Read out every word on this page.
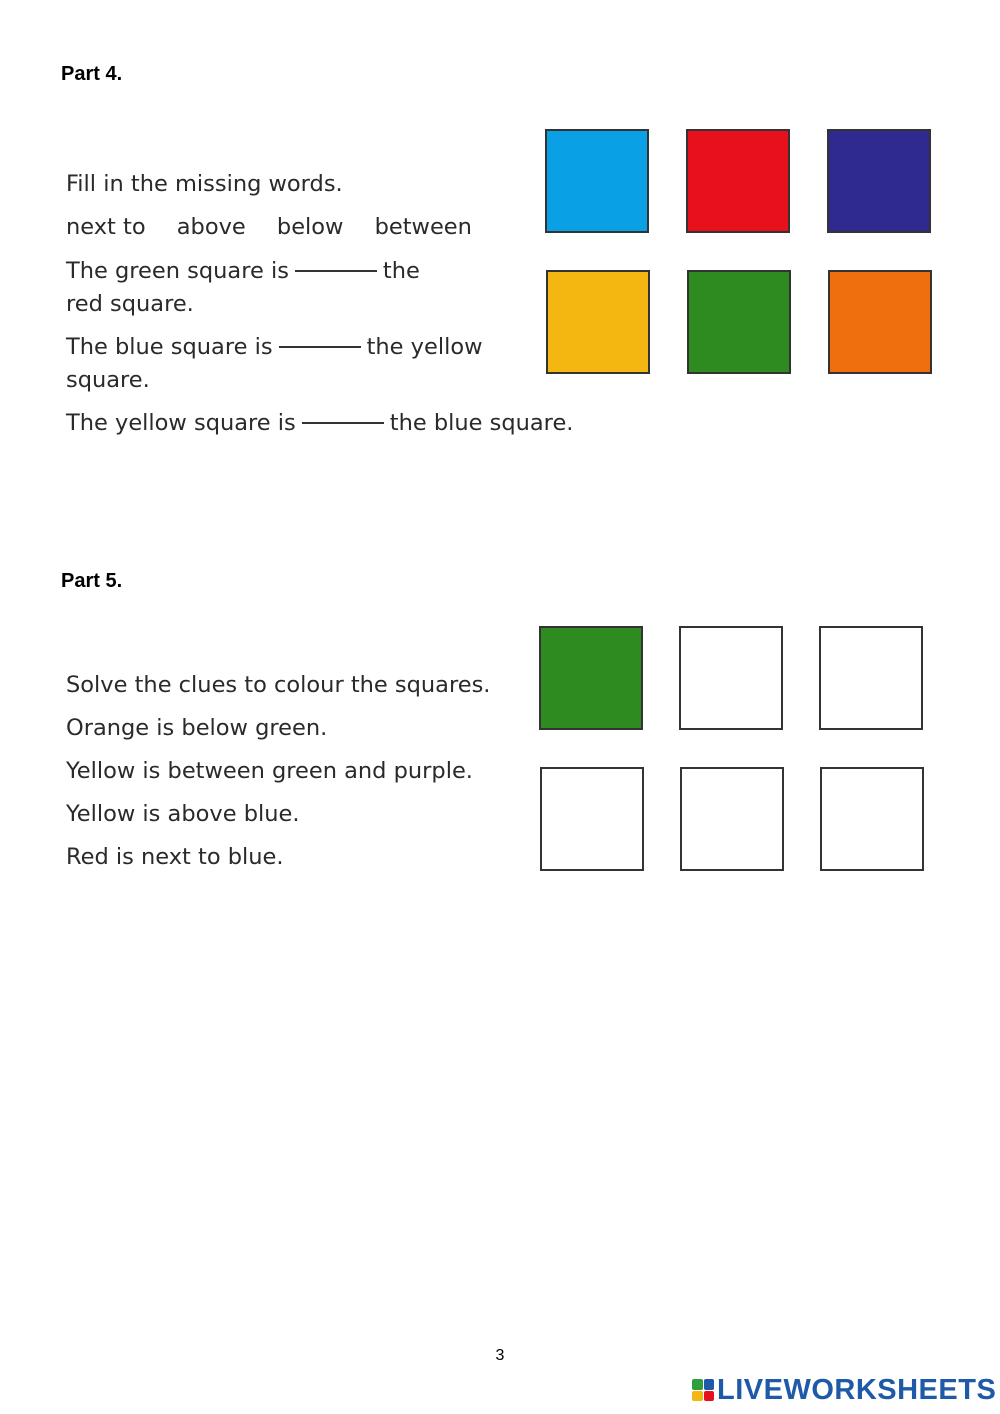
Part 4.
Fill in the missing words.
next to above below between
The green square is	the
red square.
The blue square is	the yellow
square.
The yellow square is	the blue square.
Part 5.
Solve the clues to colour the squares.
Orange is below green.
Yellow is between green and purple.
Yellow is above blue.
Red is next to blue.
3
LIVEWORKSHEETS
